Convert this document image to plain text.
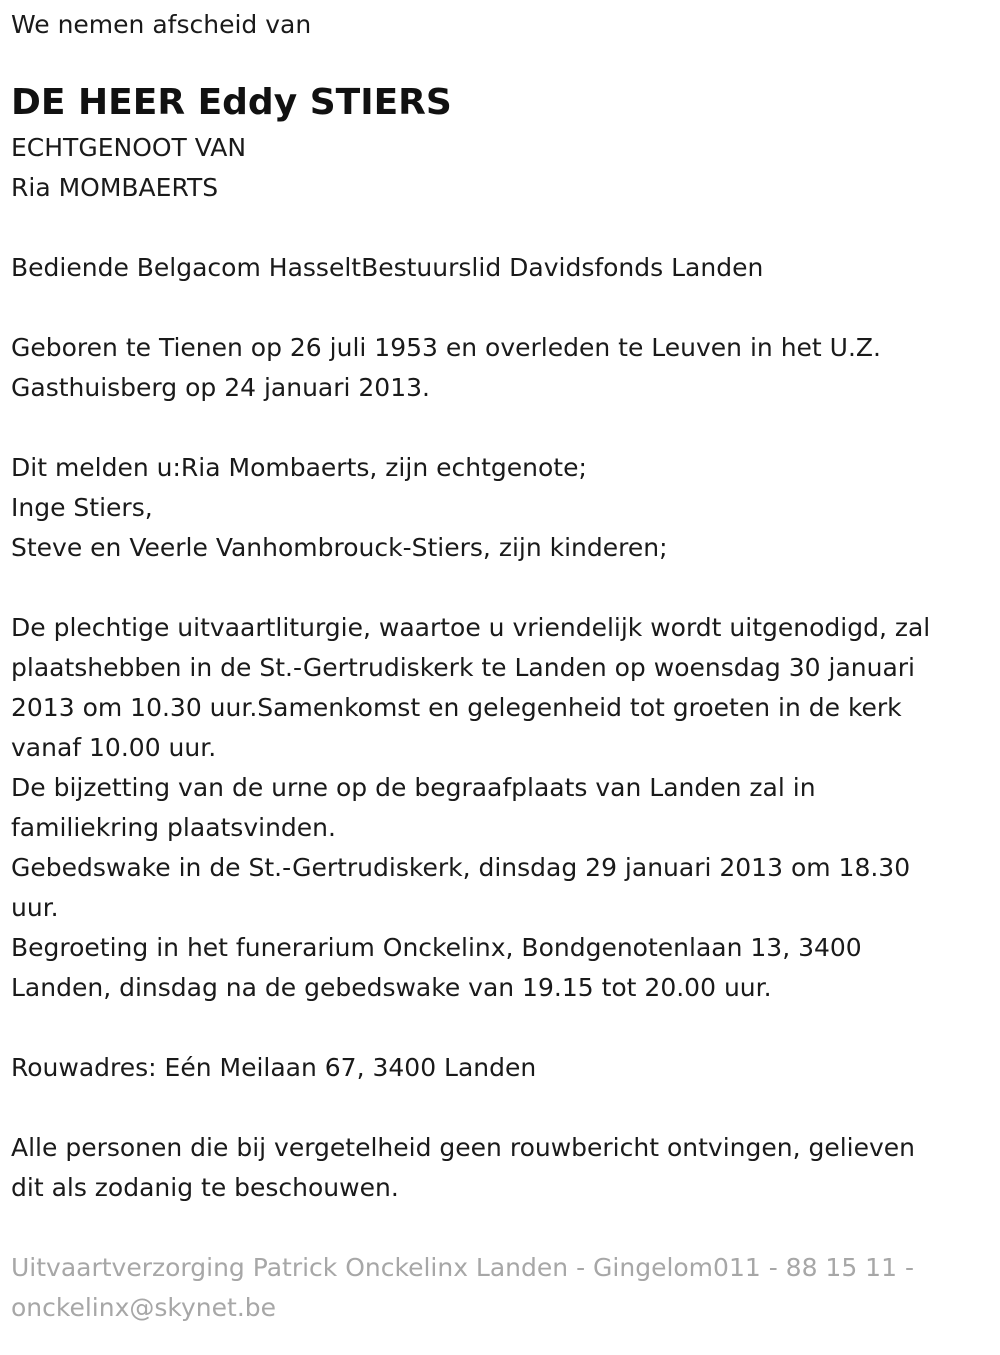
We nemen afscheid van

DE HEER Eddy STIERS

ECHTGENOOT VAN

Ria MOMBAERTS

Bediende Belgacom HasseltBestuurslid Davidsfonds Landen

Geboren te Tienen op 26 juli 1953 en overleden te Leuven in het U.Z.

Gasthuisberg op 24 januari 2013.

Dit melden u:Ria Mombaerts, zijn echtgenote;

Inge Stiers,

Steve en Veerle Vanhombrouck-Stiers, zijn kinderen;

De plechtige uitvaartliturgie, waartoe u vriendelijk wordt uitgenodigd, zal

plaatshebben in de St.-Gertrudiskerk te Landen op woensdag 30 januari

2013 om 10.30 uur.Samenkomst en gelegenheid tot groeten in de kerk

vanaf 10.00 uur.

De bijzetting van de urne op de begraafplaats van Landen zal in

familiekring plaatsvinden.

Gebedswake in de St.-Gertrudiskerk, dinsdag 29 januari 2013 om 18.30

uur.

Begroeting in het funerarium Onckelinx, Bondgenotenlaan 13, 3400

Landen, dinsdag na de gebedswake van 19.15 tot 20.00 uur.

Rouwadres: Eén Meilaan 67, 3400 Landen

Alle personen die bij vergetelheid geen rouwbericht ontvingen, gelieven

dit als zodanig te beschouwen.

Uitvaartverzorging Patrick Onckelinx Landen - Gingelom011 - 88 15 11 -

onckelinx@skynet.be
